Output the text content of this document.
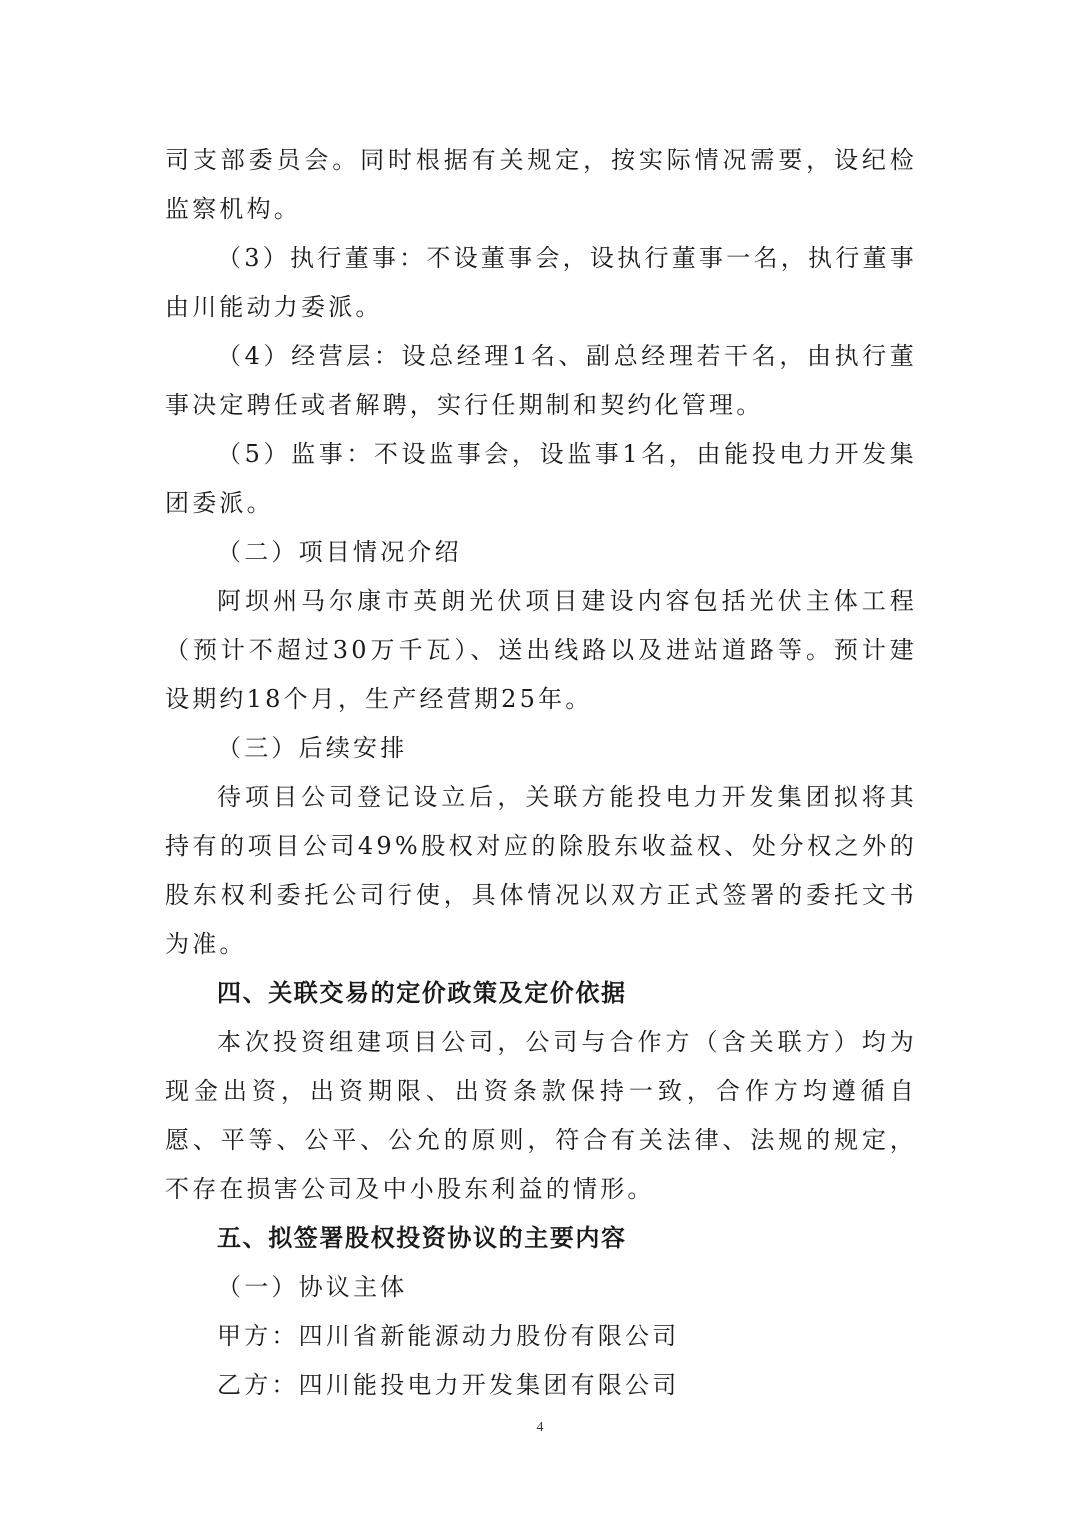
司支部委员会。同时根据有关规定，按实际情况需要，设纪检监察机构。

（3）执行董事：不设董事会，设执行董事一名，执行董事由川能动力委派。

（4）经营层：设总经理1名、副总经理若干名，由执行董事决定聘任或者解聘，实行任期制和契约化管理。

（5）监事：不设监事会，设监事1名，由能投电力开发集团委派。

（二）项目情况介绍

阿坝州马尔康市英朗光伏项目建设内容包括光伏主体工程（预计不超过30万千瓦）、送出线路以及进站道路等。预计建设期约18个月，生产经营期25年。

（三）后续安排

待项目公司登记设立后，关联方能投电力开发集团拟将其持有的项目公司49%股权对应的除股东收益权、处分权之外的股东权利委托公司行使，具体情况以双方正式签署的委托文书为准。

四、关联交易的定价政策及定价依据

本次投资组建项目公司，公司与合作方（含关联方）均为现金出资，出资期限、出资条款保持一致，合作方均遵循自愿、平等、公平、公允的原则，符合有关法律、法规的规定，不存在损害公司及中小股东利益的情形。

五、拟签署股权投资协议的主要内容

（一）协议主体

甲方：四川省新能源动力股份有限公司

乙方：四川能投电力开发集团有限公司

4
